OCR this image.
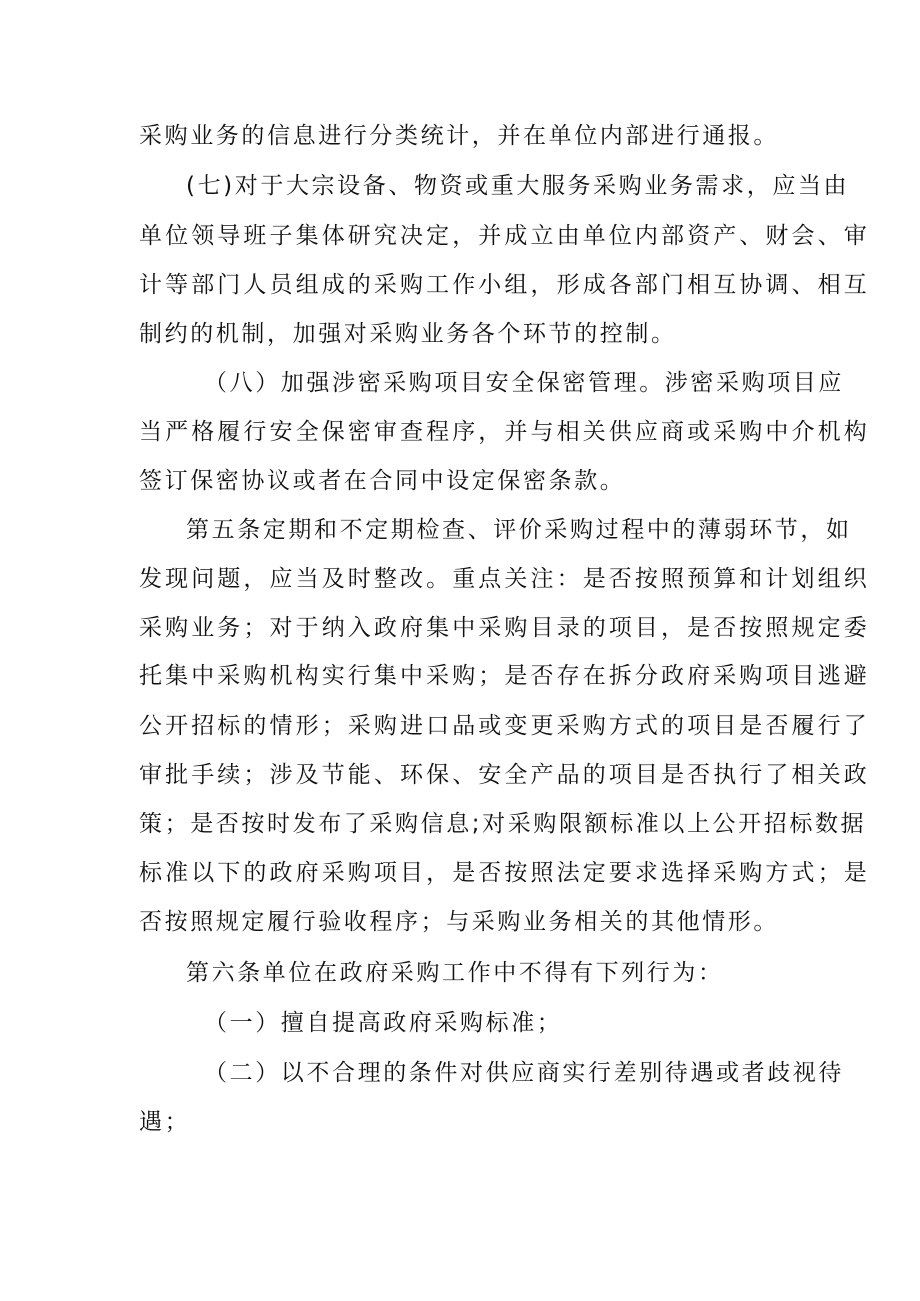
采购业务的信息进行分类统计，并在单位内部进行通报。
(七)对于大宗设备、物资或重大服务采购业务需求，应当由
单位领导班子集体研究决定，并成立由单位内部资产、财会、审
计等部门人员组成的采购工作小组，形成各部门相互协调、相互
制约的机制，加强对采购业务各个环节的控制。
（八）加强涉密采购项目安全保密管理。涉密采购项目应
当严格履行安全保密审查程序，并与相关供应商或采购中介机构
签订保密协议或者在合同中设定保密条款。
第五条定期和不定期检查、评价采购过程中的薄弱环节，如
发现问题，应当及时整改。重点关注：是否按照预算和计划组织
采购业务；对于纳入政府集中采购目录的项目，是否按照规定委
托集中采购机构实行集中采购；是否存在拆分政府采购项目逃避
公开招标的情形；采购进口品或变更采购方式的项目是否履行了
审批手续；涉及节能、环保、安全产品的项目是否执行了相关政
策；是否按时发布了采购信息;对采购限额标准以上公开招标数据
标准以下的政府采购项目，是否按照法定要求选择采购方式；是
否按照规定履行验收程序；与采购业务相关的其他情形。
第六条单位在政府采购工作中不得有下列行为：
（一）擅自提高政府采购标准；
（二）以不合理的条件对供应商实行差别待遇或者歧视待
遇；
